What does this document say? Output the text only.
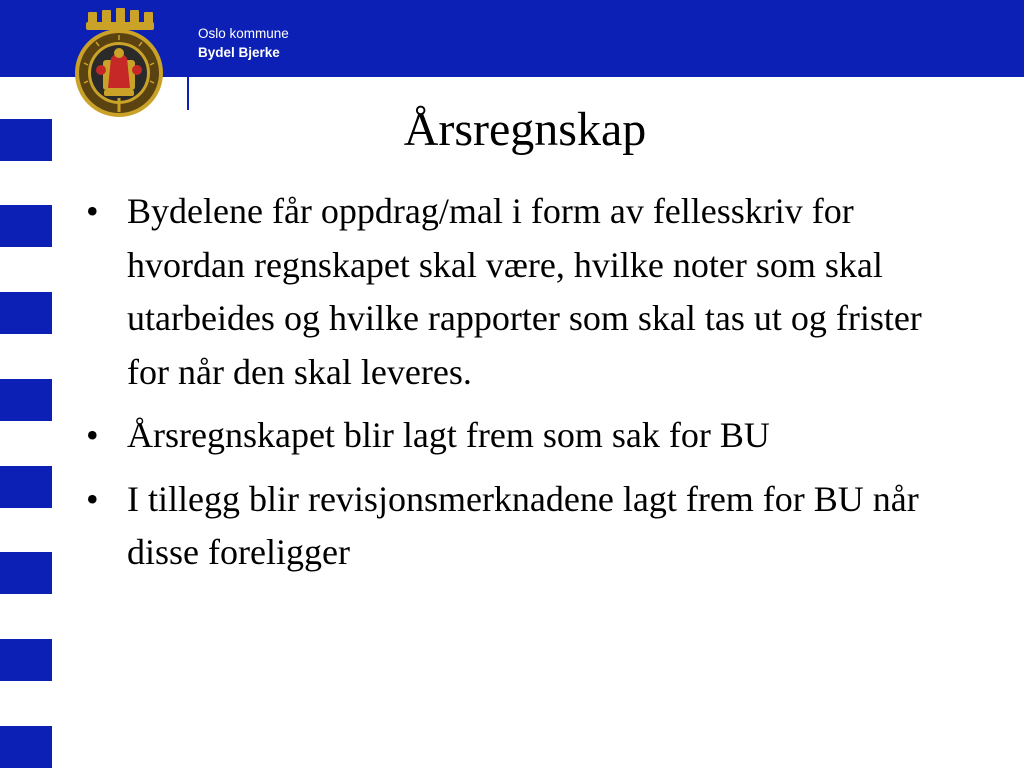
Oslo kommune
Bydel Bjerke
Årsregnskap
• Bydelene får oppdrag/mal i form av fellesskriv for hvordan regnskapet skal være, hvilke noter som skal utarbeides og hvilke rapporter som skal tas ut og frister for når den skal leveres.
• Årsregnskapet blir lagt frem som sak for BU
• I tillegg blir revisjonsmerknadene lagt frem for BU når disse foreligger
